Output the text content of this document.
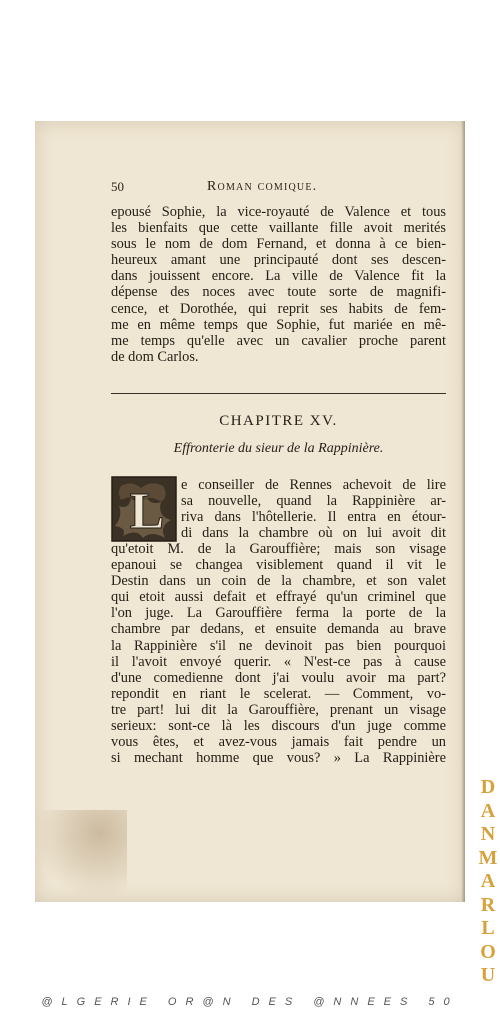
50	Roman comique.
epousé Sophie, la vice-royauté de Valence et tous
les bienfaits que cette vaillante fille avoit merités
sous le nom de dom Fernand, et donna à ce bien-
heureux amant une principauté dont ses descen-
dans jouissent encore. La ville de Valence fit la
dépense des noces avec toute sorte de magnifi-
cence, et Dorothée, qui reprit ses habits de fem-
me en même temps que Sophie, fut mariée en mê-
me temps qu'elle avec un cavalier proche parent
de dom Carlos.
CHAPITRE XV.
Effronterie du sieur de la Rappinière.
L e conseiller de Rennes achevoit de lire
sa nouvelle, quand la Rappinière ar-
riva dans l'hôtellerie. Il entra en étour-
di dans la chambre où on lui avoit dit
qu'etoit M. de la Garouffière; mais son visage
epanoui se changea visiblement quand il vit le
Destin dans un coin de la chambre, et son valet
qui etoit aussi defait et effrayé qu'un criminel que
l'on juge. La Garouffière ferma la porte de la
chambre par dedans, et ensuite demanda au brave
la Rappinière s'il ne devinoit pas bien pourquoi
il l'avoit envoyé querir. « N'est-ce pas à cause
d'une comedienne dont j'ai voulu avoir ma part?
repondit en riant le scelerat. — Comment, vo-
tre part! lui dit la Garouffière, prenant un visage
serieux: sont-ce là les discours d'un juge comme
vous êtes, et avez-vous jamais fait pendre un
si mechant homme que vous? » La Rappinière
D
A
N
M
A
R
L
O
U
@LGERIE OR@N DES @NNEES 50
